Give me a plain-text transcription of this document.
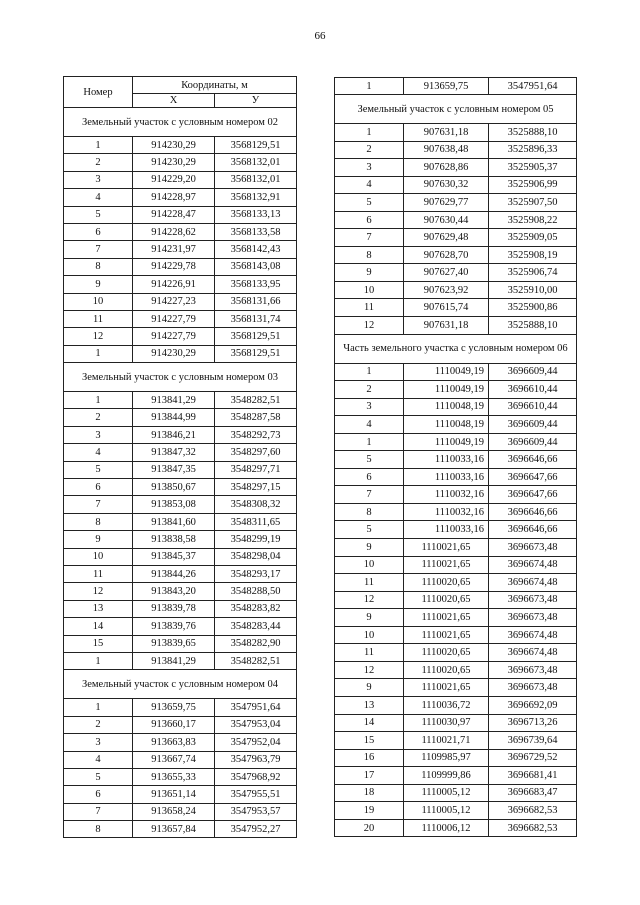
66
Номер	Координаты, м	
	X	У
Земельный участок с условным номером 02		
1	914230,29	3568129,51
2	914230,29	3568132,01
3	914229,20	3568132,01
4	914228,97	3568132,91
5	914228,47	3568133,13
6	914228,62	3568133,58
7	914231,97	3568142,43
8	914229,78	3568143,08
9	914226,91	3568133,95
10	914227,23	3568131,66
11	914227,79	3568131,74
12	914227,79	3568129,51
1	914230,29	3568129,51
Земельный участок с условным номером 03		
1	913841,29	3548282,51
2	913844,99	3548287,58
3	913846,21	3548292,73
4	913847,32	3548297,60
5	913847,35	3548297,71
6	913850,67	3548297,15
7	913853,08	3548308,32
8	913841,60	3548311,65
9	913838,58	3548299,19
10	913845,37	3548298,04
11	913844,26	3548293,17
12	913843,20	3548288,50
13	913839,78	3548283,82
14	913839,76	3548283,44
15	913839,65	3548282,90
1	913841,29	3548282,51
Земельный участок с условным номером 04		
1	913659,75	3547951,64
2	913660,17	3547953,04
3	913663,83	3547952,04
4	913667,74	3547963,79
5	913655,33	3547968,92
6	913651,14	3547955,51
7	913658,24	3547953,57
8	913657,84	3547952,27
1	913659,75	3547951,64
Земельный участок с условным номером 05		
1	907631,18	3525888,10
2	907638,48	3525896,33
3	907628,86	3525905,37
4	907630,32	3525906,99
5	907629,77	3525907,50
6	907630,44	3525908,22
7	907629,48	3525909,05
8	907628,70	3525908,19
9	907627,40	3525906,74
10	907623,92	3525910,00
11	907615,74	3525900,86
12	907631,18	3525888,10
Часть земельного участка с условным номером 06		
1	1110049,19	3696609,44
2	1110049,19	3696610,44
3	1110048,19	3696610,44
4	1110048,19	3696609,44
1	1110049,19	3696609,44
5	1110033,16	3696646,66
6	1110033,16	3696647,66
7	1110032,16	3696647,66
8	1110032,16	3696646,66
5	1110033,16	3696646,66
9	1110021,65	3696673,48
10	1110021,65	3696674,48
11	1110020,65	3696674,48
12	1110020,65	3696673,48
9	1110021,65	3696673,48
10	1110021,65	3696674,48
11	1110020,65	3696674,48
12	1110020,65	3696673,48
9	1110021,65	3696673,48
13	1110036,72	3696692,09
14	1110030,97	3696713,26
15	1110021,71	3696739,64
16	1109985,97	3696729,52
17	1109999,86	3696681,41
18	1110005,12	3696683,47
19	1110005,12	3696682,53
20	1110006,12	3696682,53
